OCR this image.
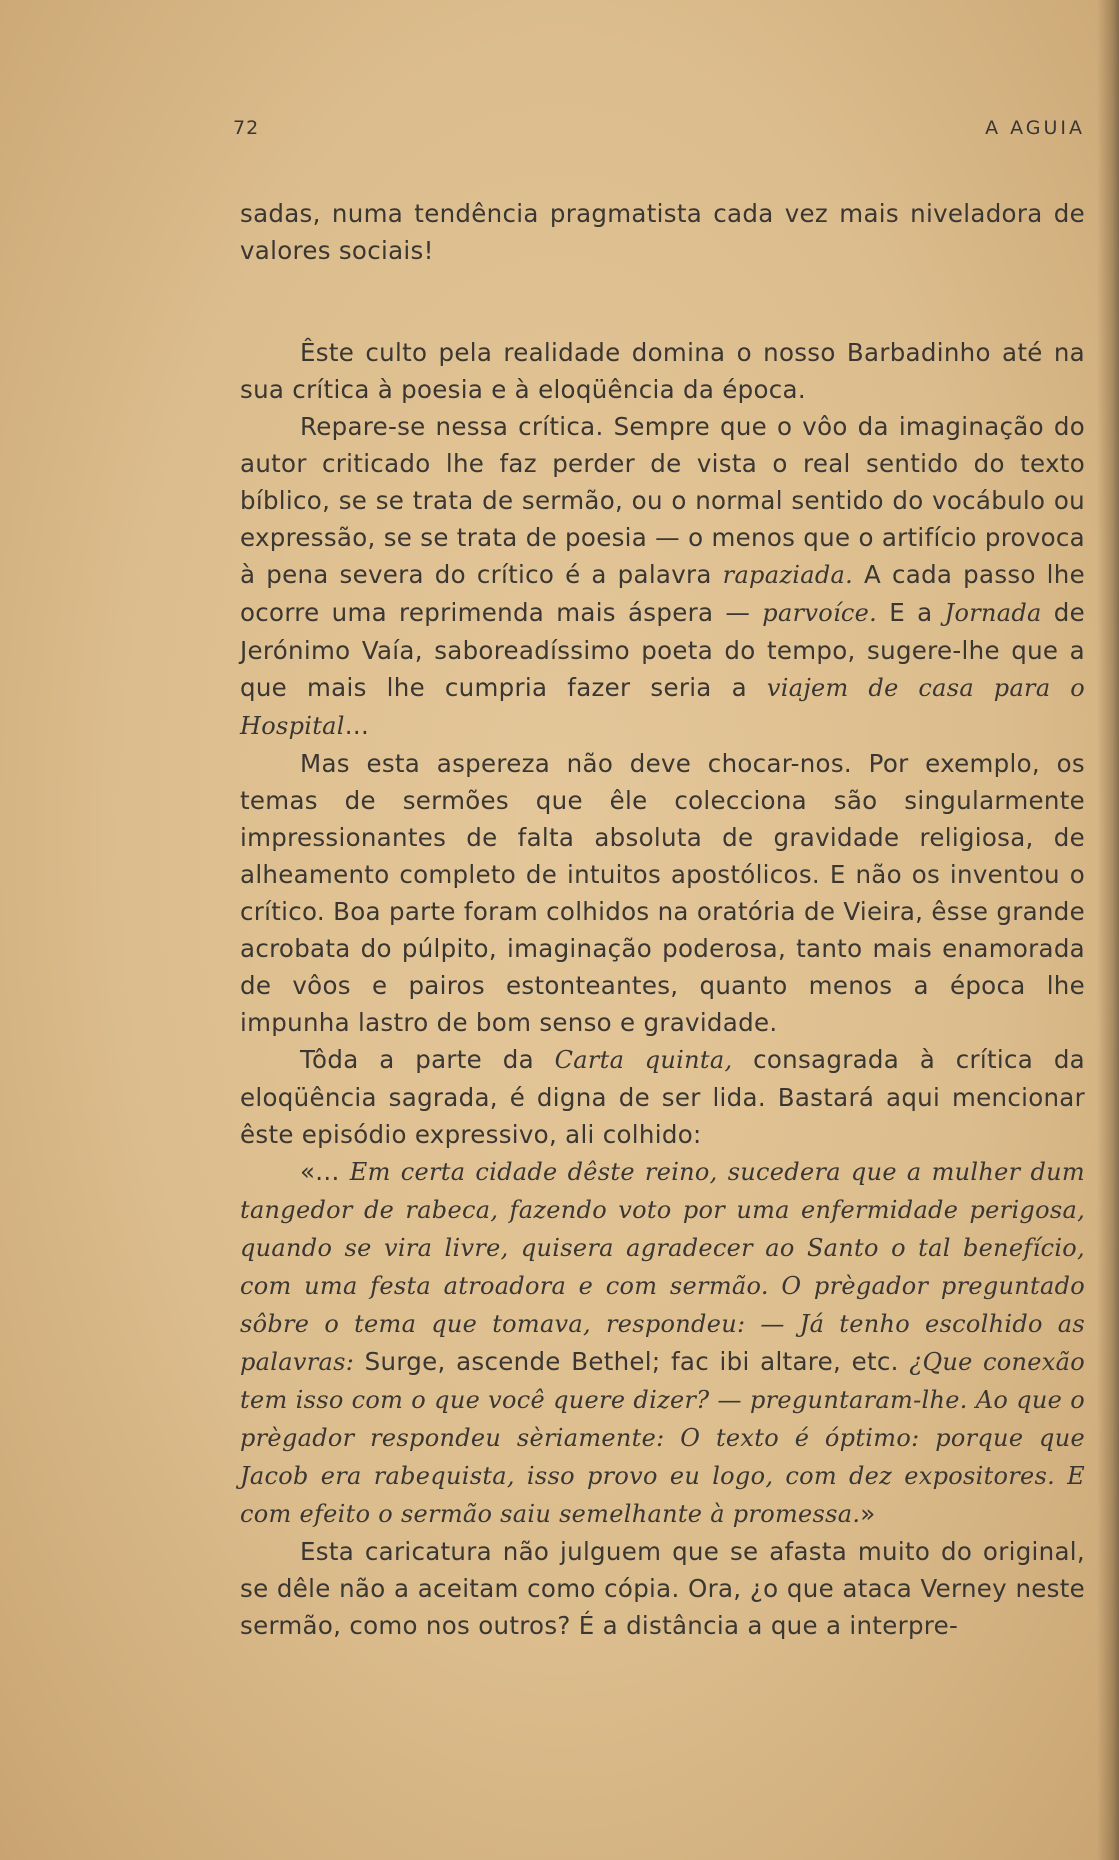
72	A AGUIA

sadas, numa tendência pragmatista cada vez mais niveladora de valores sociais!

Êste culto pela realidade domina o nosso Barbadinho até na sua crítica à poesia e à eloqüência da época.

Repare-se nessa crítica. Sempre que o vôo da imaginação do autor criticado lhe faz perder de vista o real sentido do texto bíblico, se se trata de sermão, ou o normal sentido do vocábulo ou expressão, se se trata de poesia — o menos que o artifício provoca à pena severa do crítico é a palavra rapaziada. A cada passo lhe ocorre uma reprimenda mais áspera — parvoíce. E a Jornada de Jerónimo Vaía, saboreadíssimo poeta do tempo, sugere-lhe que a que mais lhe cumpria fazer seria a viajem de casa para o Hospital...

Mas esta aspereza não deve chocar-nos. Por exemplo, os temas de sermões que êle colecciona são singularmente impressionantes de falta absoluta de gravidade religiosa, de alheamento completo de intuitos apostólicos. E não os inventou o crítico. Boa parte foram colhidos na oratória de Vieira, êsse grande acrobata do púlpito, imaginação poderosa, tanto mais enamorada de vôos e pairos estonteantes, quanto menos a época lhe impunha lastro de bom senso e gravidade.

Tôda a parte da Carta quinta, consagrada à crítica da eloqüência sagrada, é digna de ser lida. Bastará aqui mencionar êste episódio expressivo, ali colhido:

«... Em certa cidade dêste reino, sucedera que a mulher dum tangedor de rabeca, fazendo voto por uma enfermidade perigosa, quando se vira livre, quisera agradecer ao Santo o tal benefício, com uma festa atroadora e com sermão. O prègador preguntado sôbre o tema que tomava, respondeu: — Já tenho escolhido as palavras: Surge, ascende Bethel; fac ibi altare, etc. ¿Que conexão tem isso com o que você quere dizer? — preguntaram-lhe. Ao que o prègador respondeu sèriamente: O texto é óptimo: porque que Jacob era rabequista, isso provo eu logo, com dez expositores. E com efeito o sermão saiu semelhante à promessa.»

Esta caricatura não julguem que se afasta muito do original, se dêle não a aceitam como cópia. Ora, ¿o que ataca Verney neste sermão, como nos outros? É a distância a que a interpre-
